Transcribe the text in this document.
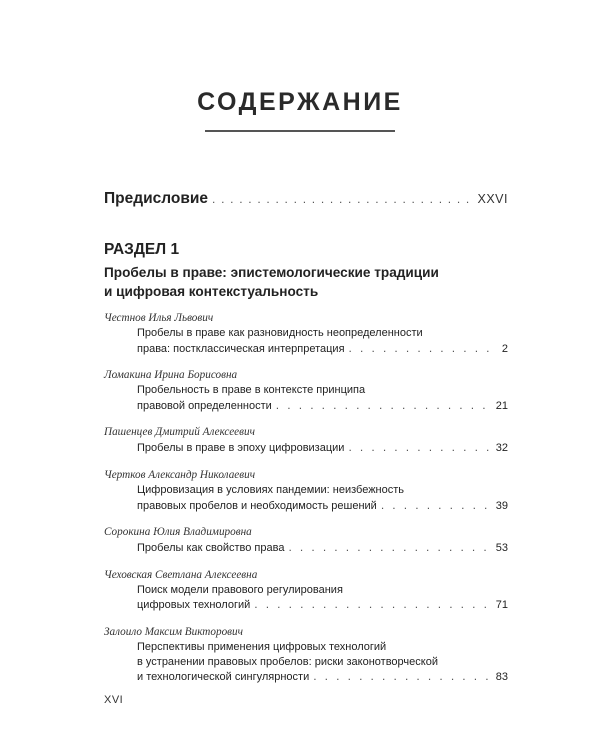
СОДЕРЖАНИЕ
Предисловие . . .	XXVI
РАЗДЕЛ 1
Пробелы в праве: эпистемологические традиции
и цифровая контекстуальность
Честнов Илья Львович
Пробелы в праве как разновидность неопределенности
права: постклассическая интерпретация . . .	2
Ломакина Ирина Борисовна
Пробельность в праве в контексте принципа
правовой определенности . . .	21
Пашенцев Дмитрий Алексеевич
Пробелы в праве в эпоху цифровизации . . .	32
Чертков Александр Николаевич
Цифровизация в условиях пандемии: неизбежность
правовых пробелов и необходимость решений . . .	39
Сорокина Юлия Владимировна
Пробелы как свойство права . . .	53
Чеховская Светлана Алексеевна
Поиск модели правового регулирования
цифровых технологий . . .	71
Залоило Максим Викторович
Перспективы применения цифровых технологий
в устранении правовых пробелов: риски законотворческой
и технологической сингулярности . . .	83
XVI
